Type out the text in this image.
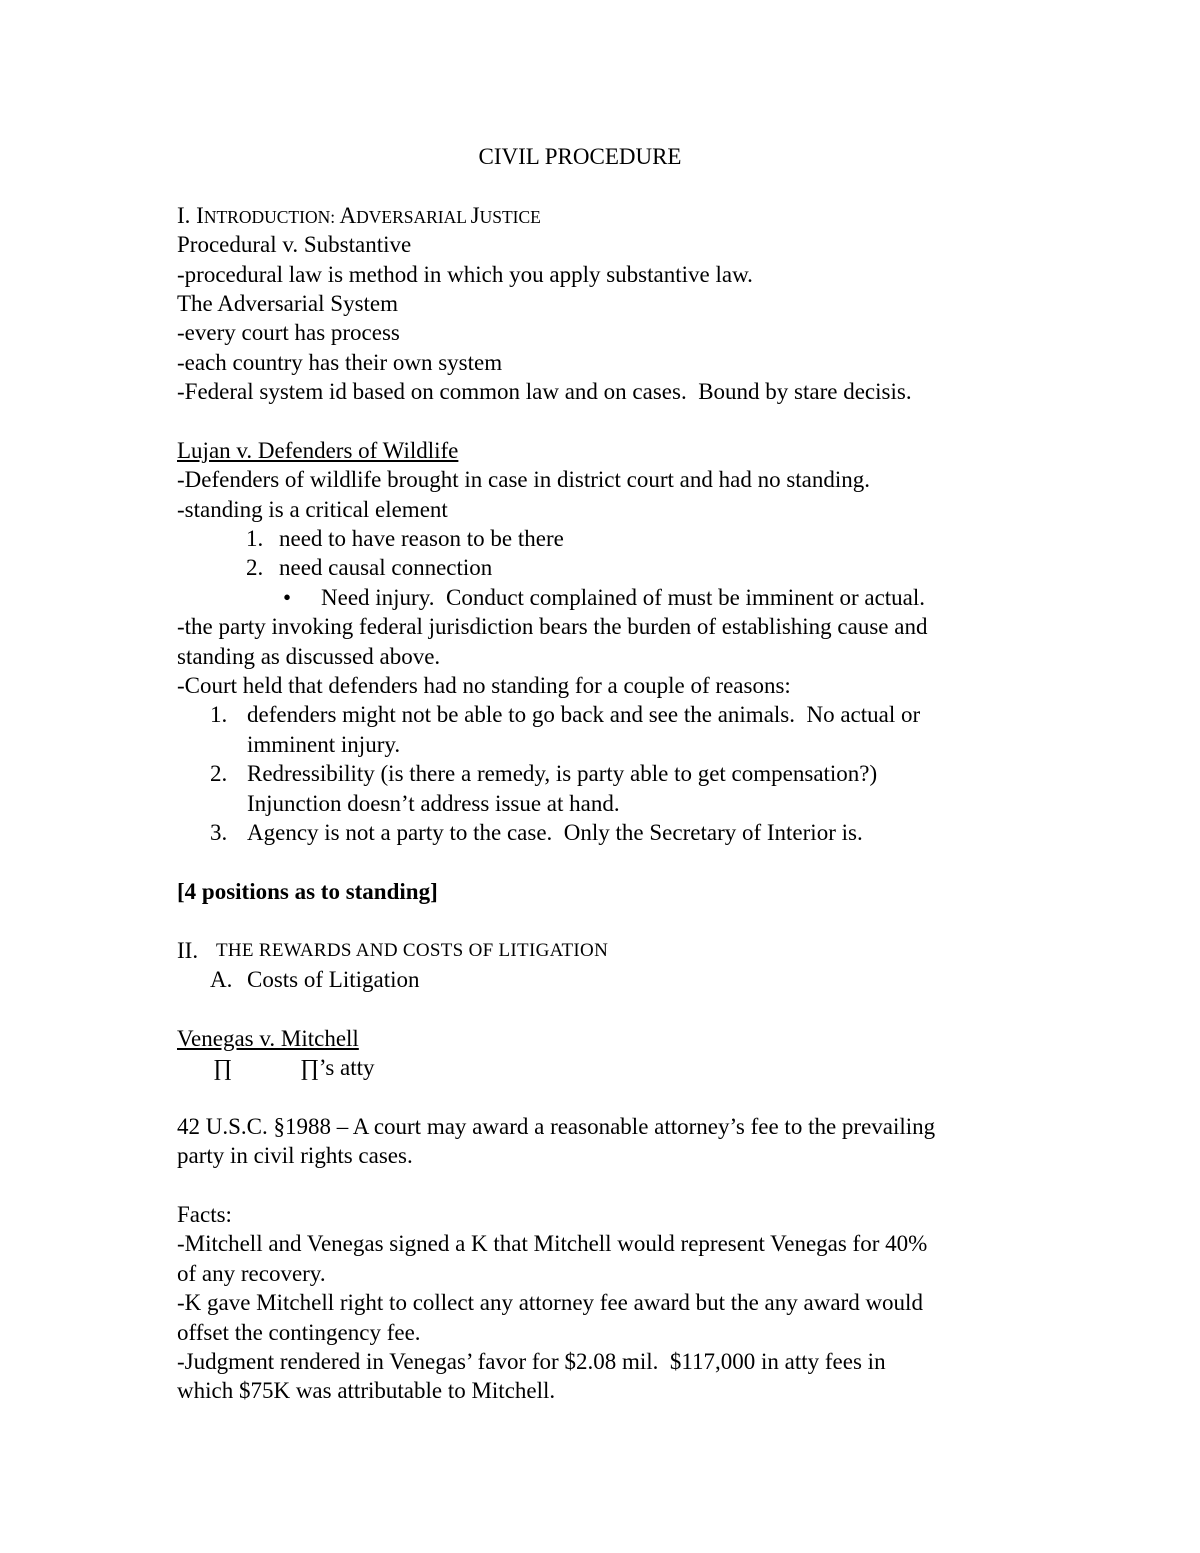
CIVIL PROCEDURE
I. INTRODUCTION: ADVERSARIAL JUSTICE
Procedural v. Substantive
-procedural law is method in which you apply substantive law.
The Adversarial System
-every court has process
-each country has their own system
-Federal system id based on common law and on cases.  Bound by stare decisis.
Lujan v. Defenders of Wildlife
-Defenders of wildlife brought in case in district court and had no standing.
-standing is a critical element
1. need to have reason to be there
2. need causal connection
•	Need injury.  Conduct complained of must be imminent or actual.
-the party invoking federal jurisdiction bears the burden of establishing cause and
standing as discussed above.
-Court held that defenders had no standing for a couple of reasons:
1. defenders might not be able to go back and see the animals.  No actual or
imminent injury.
2. Redressibility (is there a remedy, is party able to get compensation?)
Injunction doesn’t address issue at hand.
3. Agency is not a party to the case.  Only the Secretary of Interior is.
[4 positions as to standing]
II. THE REWARDS AND COSTS OF LITIGATION
A. Costs of Litigation
Venegas v. Mitchell
∏	∏’s atty
42 U.S.C. §1988 – A court may award a reasonable attorney’s fee to the prevailing
party in civil rights cases.
Facts:
-Mitchell and Venegas signed a K that Mitchell would represent Venegas for 40%
of any recovery.
-K gave Mitchell right to collect any attorney fee award but the any award would
offset the contingency fee.
-Judgment rendered in Venegas’ favor for $2.08 mil.  $117,000 in atty fees in
which $75K was attributable to Mitchell.
